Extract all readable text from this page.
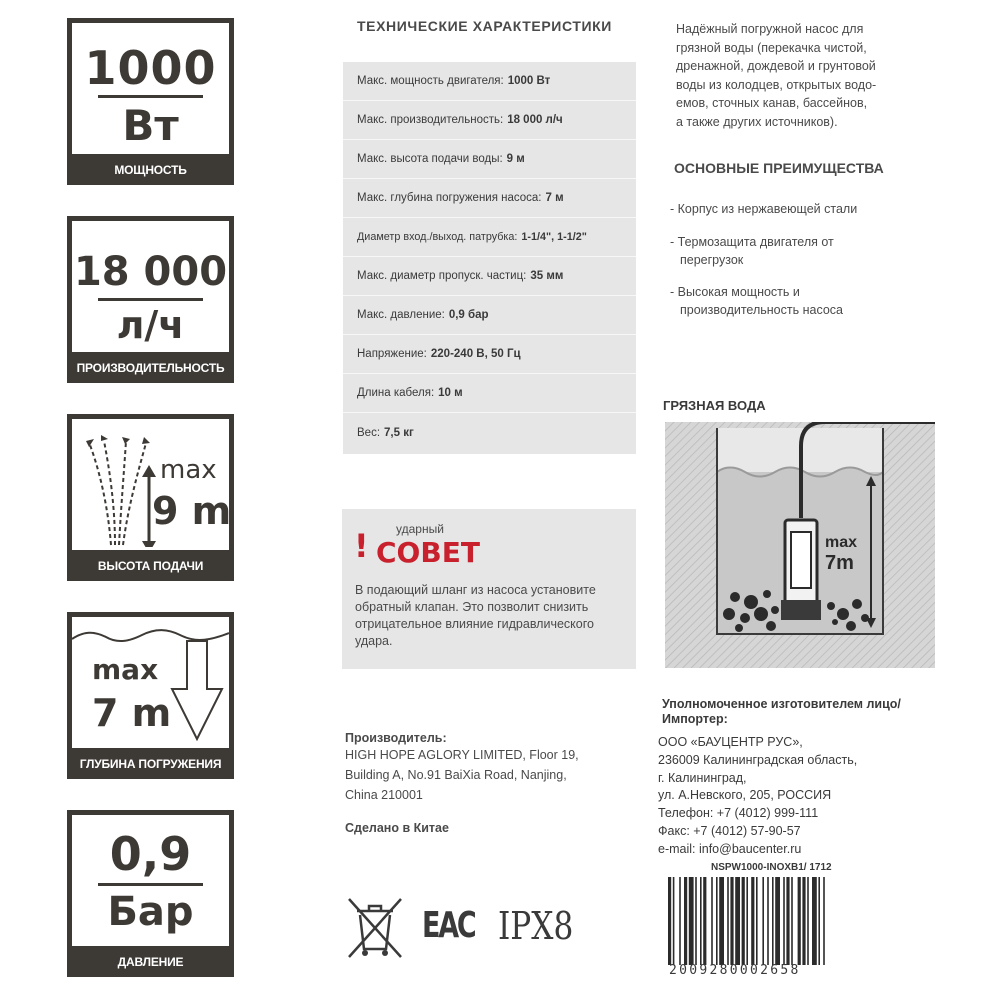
1000
Вт
МОЩНОСТЬ
18 000
л/ч
ПРОИЗВОДИТЕЛЬНОСТЬ
max
9 m
ВЫСОТА ПОДАЧИ
max
7 m
ГЛУБИНА ПОГРУЖЕНИЯ
0,9
Бар
ДАВЛЕНИЕ
ТЕХНИЧЕСКИЕ ХАРАКТЕРИСТИКИ
Макс. мощность двигателя: 1000 Вт
Макс. производительность: 18 000 л/ч
Макс. высота подачи воды: 9 м
Макс. глубина погружения насоса: 7 м
Диаметр вход./выход. патрубка: 1-1/4", 1-1/2"
Макс. диаметр пропуск. частиц: 35 мм
Макс. давление: 0,9 бар
Напряжение: 220-240 В, 50 Гц
Длина кабеля: 10 м
Вес: 7,5 кг
! ударный
СОВЕТ
В подающий шланг из насоса установите
обратный клапан. Это позволит снизить
отрицательное влияние гидравлического
удара.
Производитель:
HIGH HOPE AGLORY LIMITED, Floor 19,
Building A, No.91 BaiXia Road, Nanjing,
China 210001
Сделано в Китае
EAC IPX8
Надёжный погружной насос для
грязной воды (перекачка чистой,
дренажной, дождевой и грунтовой
воды из колодцев, открытых водо-
емов, сточных канав, бассейнов,
а также других источников).
ОСНОВНЫЕ ПРЕИМУЩЕСТВА
- Корпус из нержавеющей стали
- Термозащита двигателя от
перегрузок
- Высокая мощность и
производительность насоса
ГРЯЗНАЯ ВОДА
max
7m
Уполномоченное изготовителем лицо/
Импортер:
ООО «БАУЦЕНТР РУС»,
236009 Калининградская область,
г. Калининград,
ул. А.Невского, 205, РОССИЯ
Телефон: +7 (4012) 999-111
Факс: +7 (4012) 57-90-57
e-mail: info@baucenter.ru
NSPW1000-INOXB1/ 1712
2009280002658
